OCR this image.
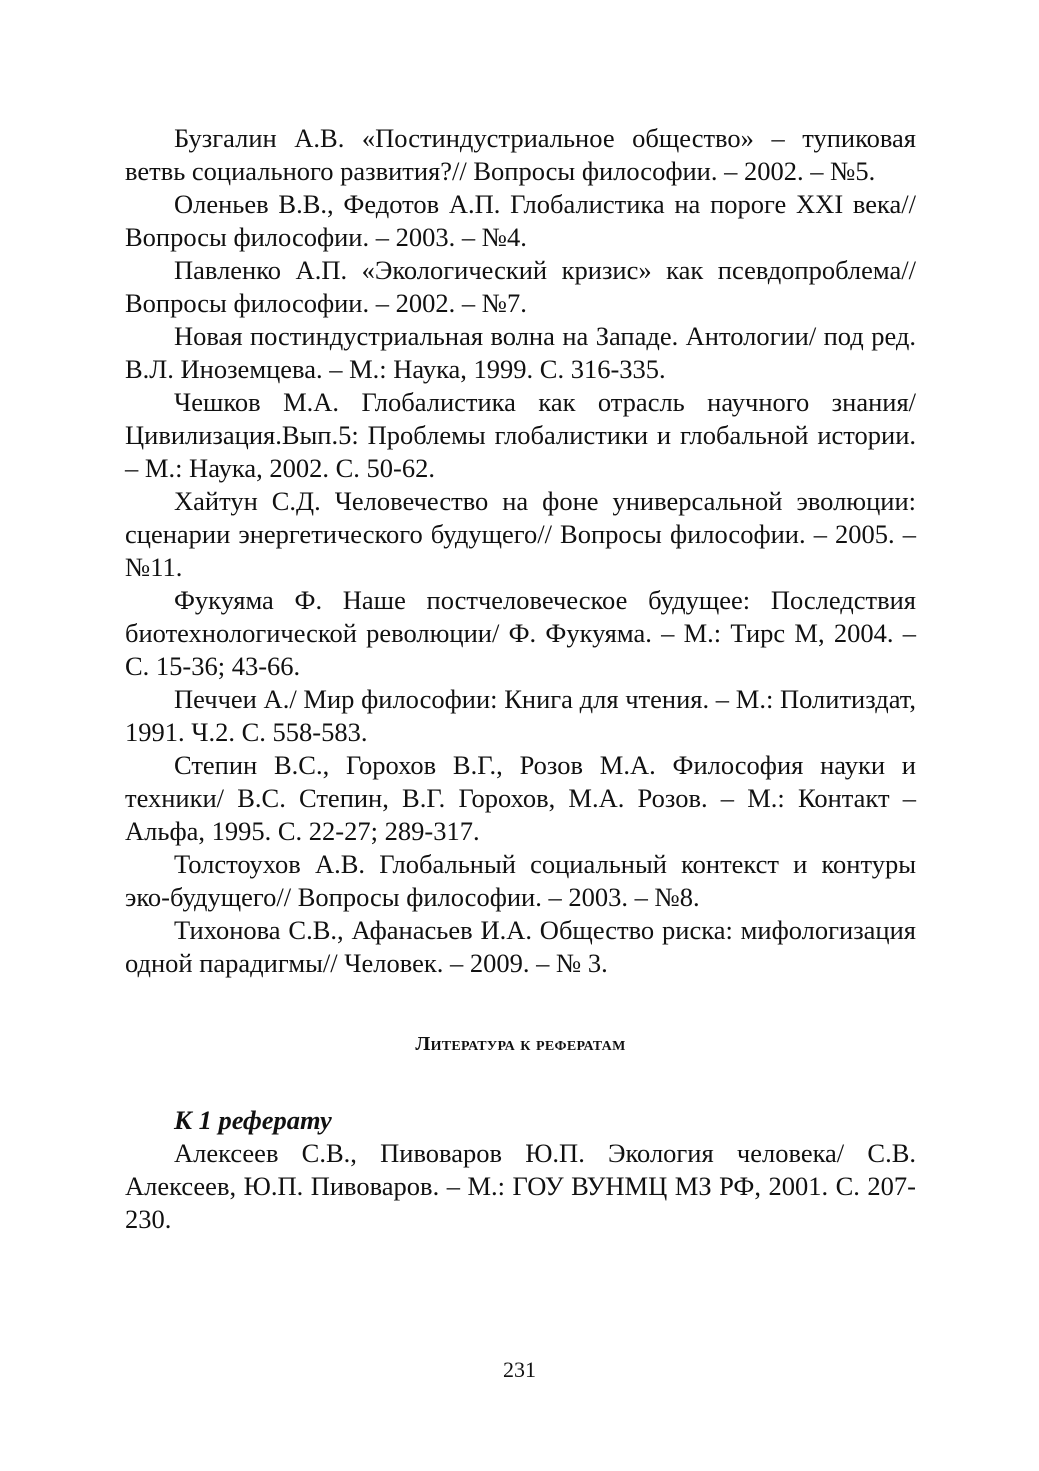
Бузгалин А.В. «Постиндустриальное общество» – тупиковая ветвь социального развития?// Вопросы философии. – 2002. – №5.

Оленьев В.В., Федотов А.П. Глобалистика на пороге XXI века// Вопросы философии. – 2003. – №4.

Павленко А.П. «Экологический кризис» как псевдопроблема// Вопросы философии. – 2002. – №7.

Новая постиндустриальная волна на Западе. Антологии/ под ред. В.Л. Иноземцева. – М.: Наука, 1999. С. 316-335.

Чешков М.А. Глобалистика как отрасль научного знания/ Цивилизация.Вып.5: Проблемы глобалистики и глобальной истории. – М.: Наука, 2002. С. 50-62.

Хайтун С.Д. Человечество на фоне универсальной эволюции: сценарии энергетического будущего// Вопросы философии. – 2005. – №11.

Фукуяма Ф. Наше постчеловеческое будущее: Последствия биотехнологической революции/ Ф. Фукуяма. – М.: Тирс М, 2004. – С. 15-36; 43-66.

Печчеи А./ Мир философии: Книга для чтения. – М.: Политиздат, 1991. Ч.2. С. 558-583.

Степин В.С., Горохов В.Г., Розов М.А. Философия науки и техники/ В.С. Степин, В.Г. Горохов, М.А. Розов. – М.: Контакт – Альфа, 1995. С. 22-27; 289-317.

Толстоухов А.В. Глобальный социальный контекст и контуры эко-будущего// Вопросы философии. – 2003. – №8.

Тихонова С.В., Афанасьев И.А. Общество риска: мифологизация одной парадигмы// Человек. – 2009. – № 3.

Литература к рефератам
К 1 реферату

Алексеев С.В., Пивоваров Ю.П. Экология человека/ С.В. Алексеев, Ю.П. Пивоваров. – М.: ГОУ ВУНМЦ МЗ РФ, 2001. С. 207-230.

231
